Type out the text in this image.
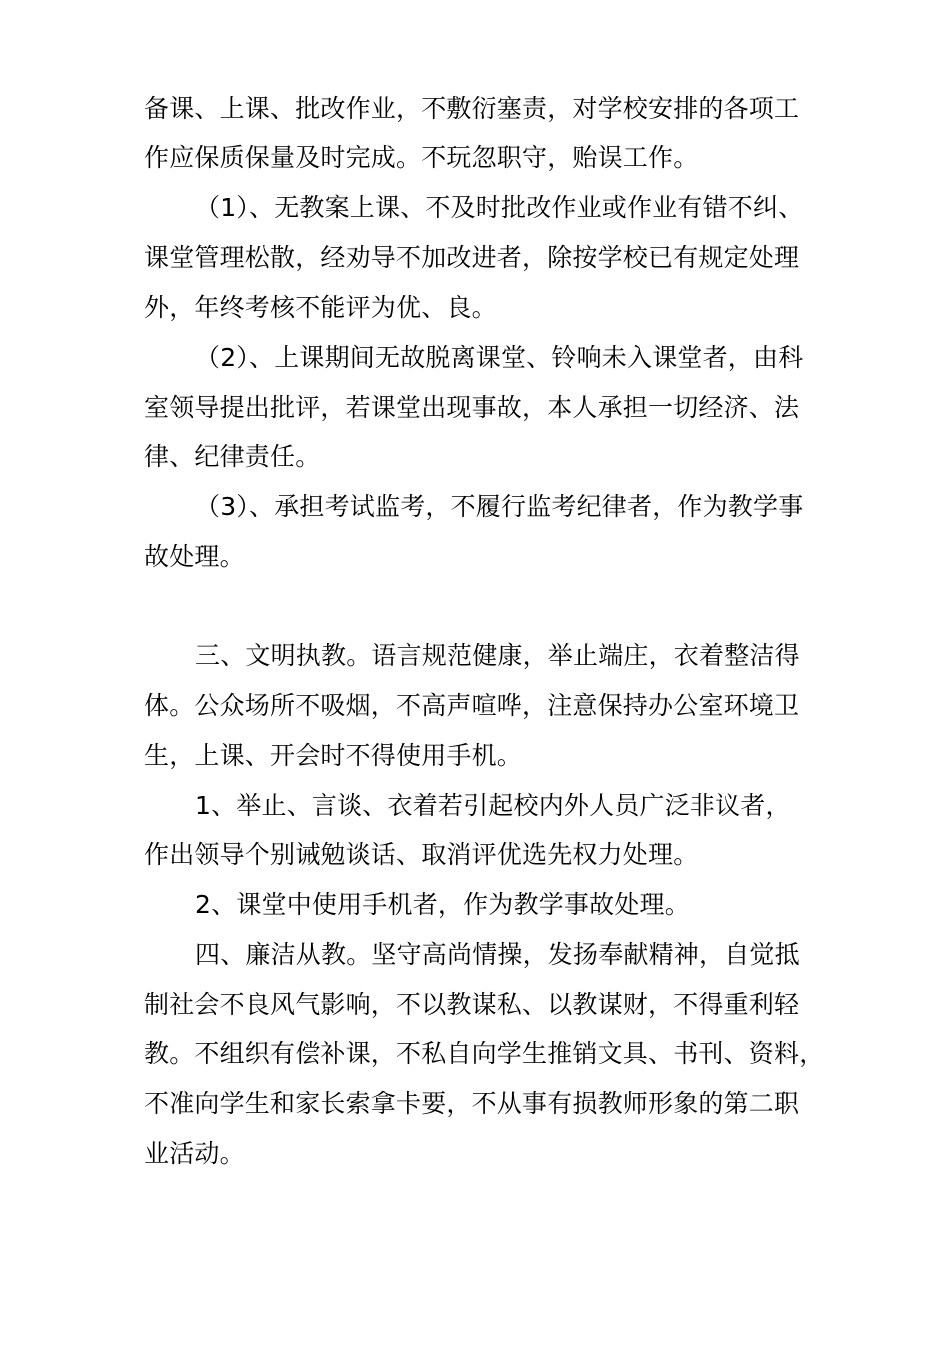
备课、上课、批改作业，不敷衍塞责，对学校安排的各项工
作应保质保量及时完成。不玩忽职守，贻误工作。
（1）、无教案上课、不及时批改作业或作业有错不纠、
课堂管理松散，经劝导不加改进者，除按学校已有规定处理
外，年终考核不能评为优、良。
（2）、上课期间无故脱离课堂、铃响未入课堂者，由科
室领导提出批评，若课堂出现事故，本人承担一切经济、法
律、纪律责任。
（3）、承担考试监考，不履行监考纪律者，作为教学事
故处理。
三、文明执教。语言规范健康，举止端庄，衣着整洁得
体。公众场所不吸烟，不高声喧哗，注意保持办公室环境卫
生，上课、开会时不得使用手机。
1、举止、言谈、衣着若引起校内外人员广泛非议者，
作出领导个别诫勉谈话、取消评优选先权力处理。
2、课堂中使用手机者，作为教学事故处理。
四、廉洁从教。坚守高尚情操，发扬奉献精神，自觉抵
制社会不良风气影响，不以教谋私、以教谋财，不得重利轻
教。不组织有偿补课，不私自向学生推销文具、书刊、资料，
不准向学生和家长索拿卡要，不从事有损教师形象的第二职
业活动。
